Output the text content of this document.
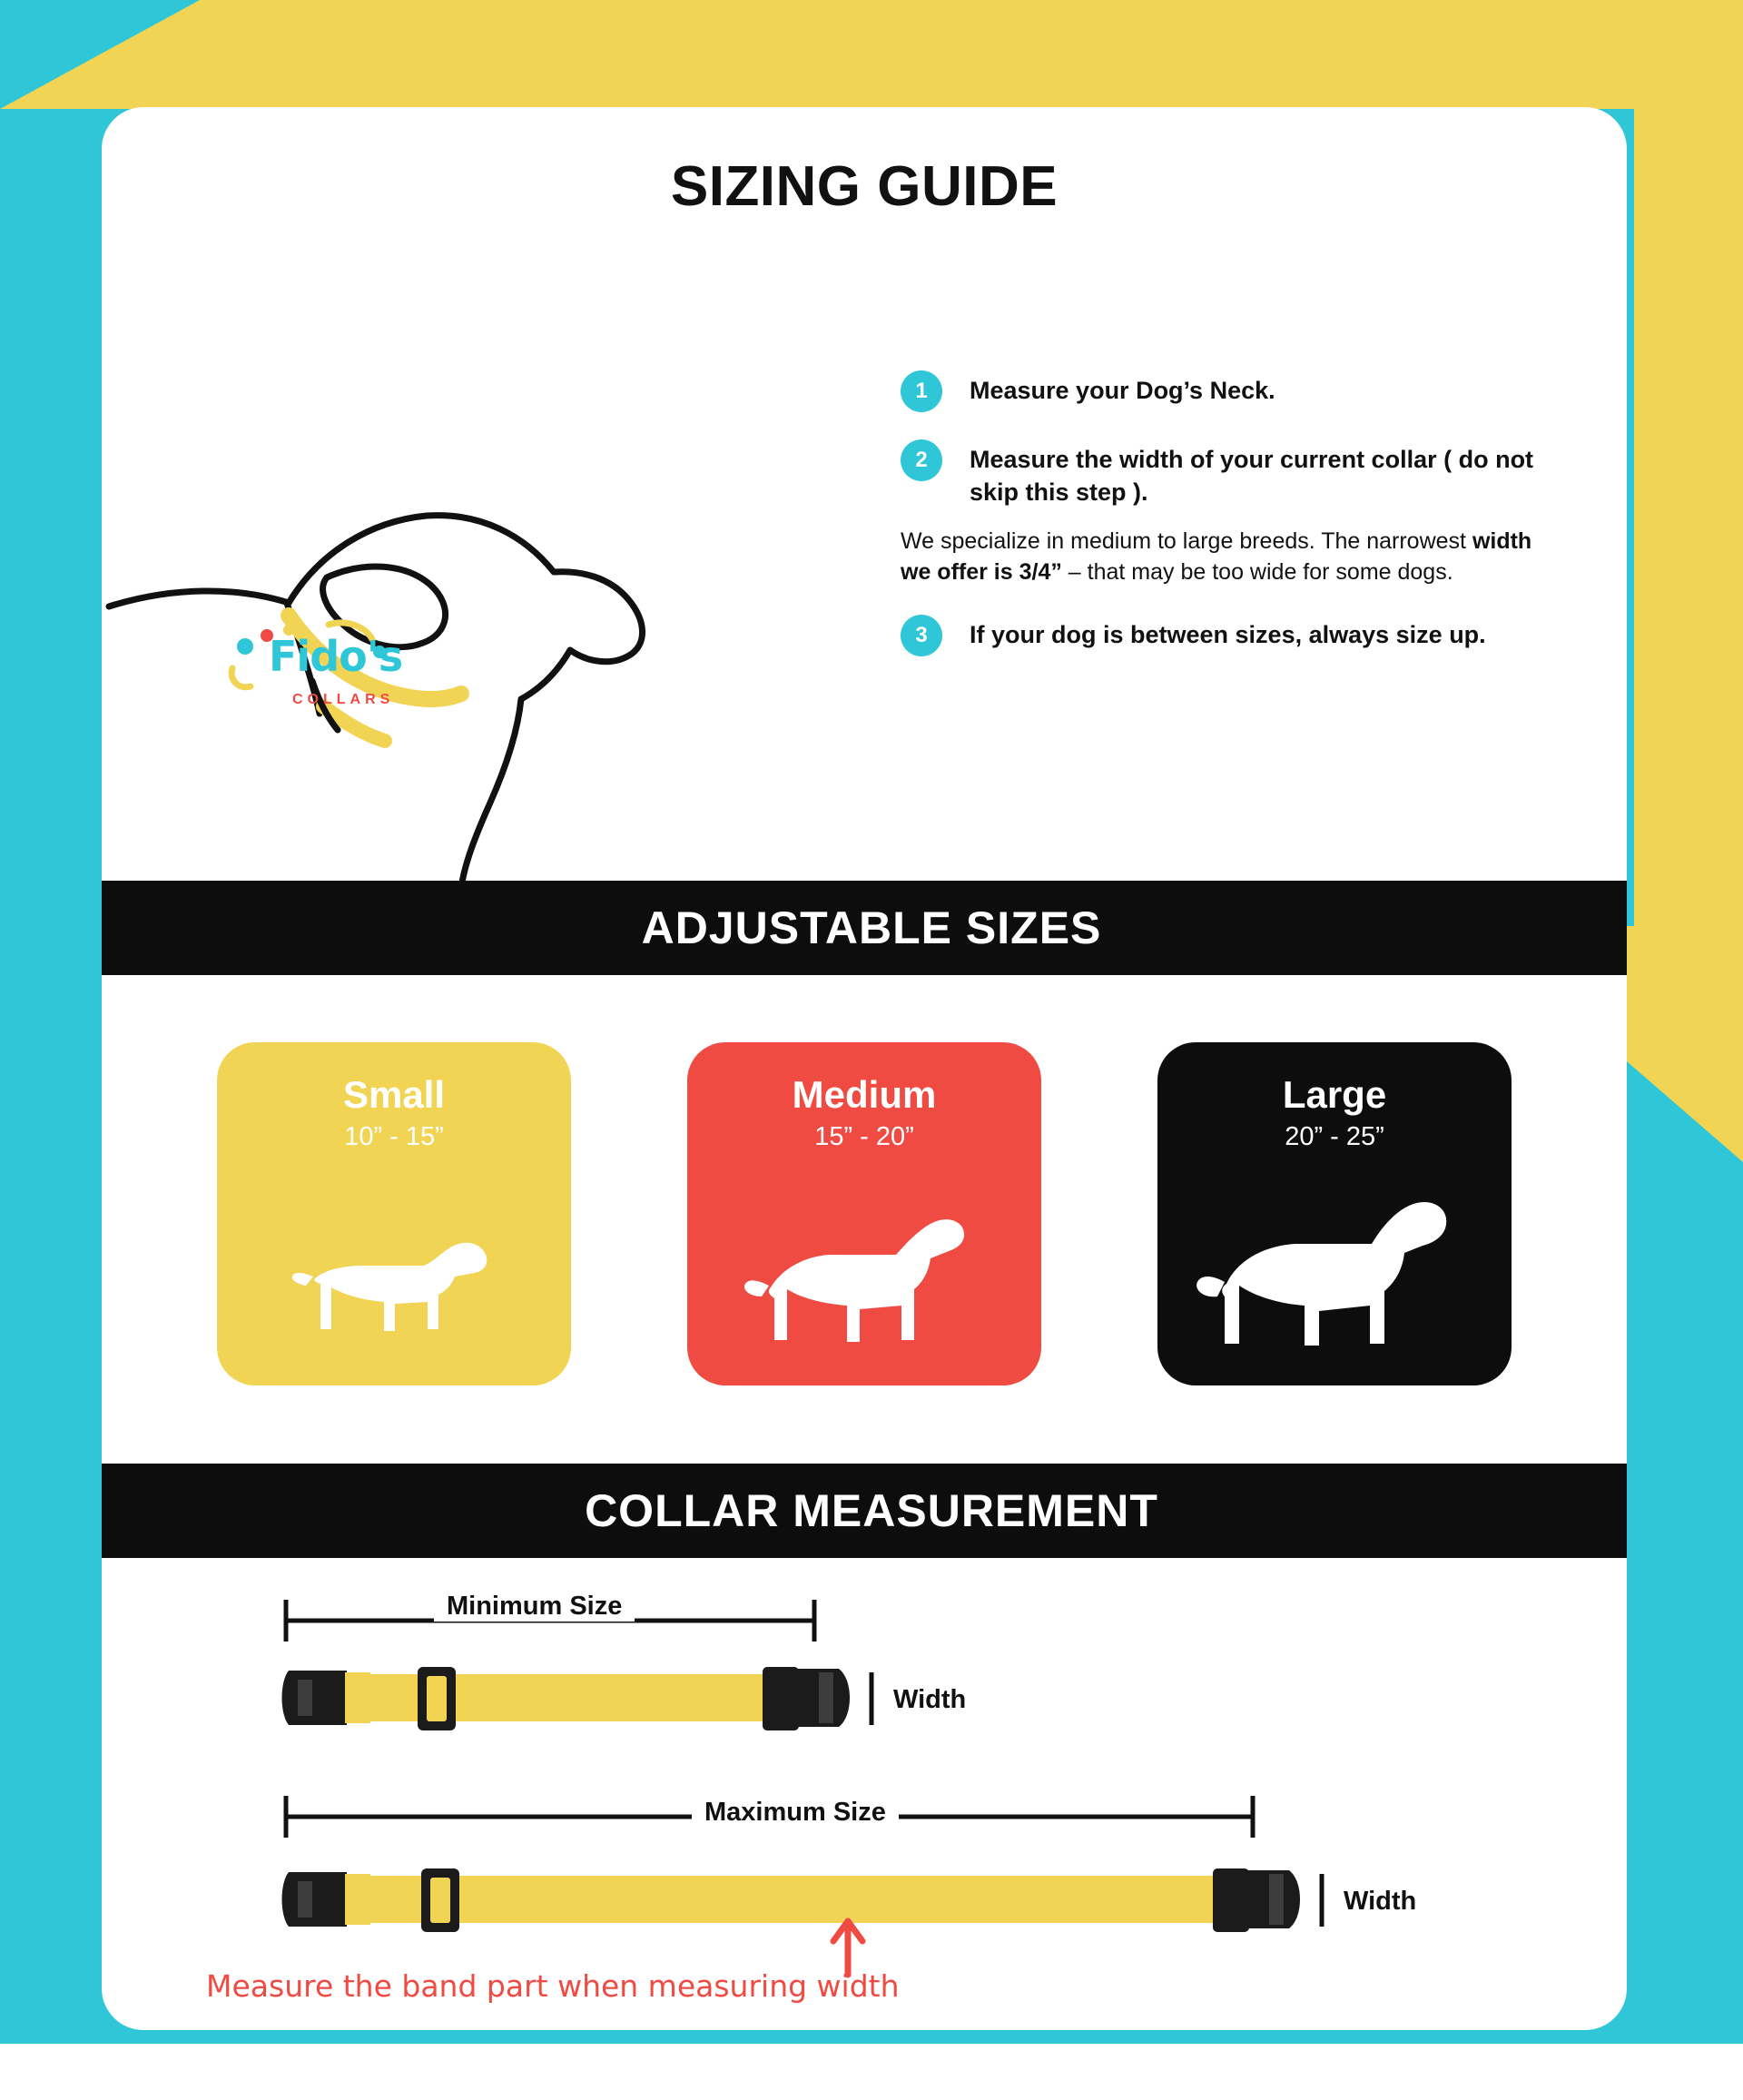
SIZING GUIDE
Fido's
COLLARS
1	Measure your Dog’s Neck.
2	Measure the width of your current collar ( do not skip this step ).
We specialize in medium to large breeds. The narrowest width we offer is 3/4” – that may be too wide for some dogs.
3	If your dog is between sizes, always size up.
ADJUSTABLE SIZES
Small
10” - 15”
Medium
15” - 20”
Large
20” - 25”
COLLAR MEASUREMENT
Minimum Size
Width
Maximum Size
Width
Measure the band part when measuring width
